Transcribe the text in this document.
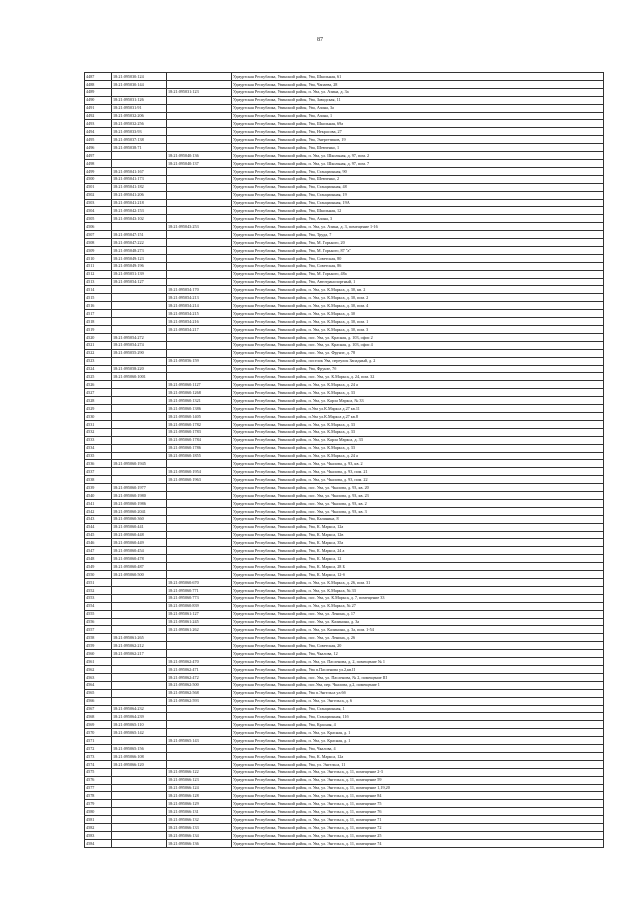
87
4487	18:21:095030:124		Удмуртская Республика, Увинский район, Ува, Школьная, 61
4488	18:21:095030:144		Удмуртская Республика, Увинский район, Ува, Чапаева, 28
4489		18:21:095031:123	Удмуртская Республика, Увинский район, п. Ува, ул. Азина, д. 3а
4490	18:21:095031:126		Удмуртская Республика, Увинский район, Ува, Заводская, 11
4491	18:21:095031:91		Удмуртская Республика, Увинский район, Ува, Азина, 3а
4492	18:21:095032:206		Удмуртская Республика, Увинский район, Ува, Азина, 1
4493	18:21:095032:256		Удмуртская Республика, Увинский район, Ува, Школьная, 69а
4494	18:21:095033:93		Удмуртская Республика, Увинский район, Ува, Некрасова, 27
4495	18:21:095037:138		Удмуртская Республика, Увинский район, Ува, Энергетиков, 19
4496	18:21:095038:71		Удмуртская Республика, Увинский район, Ува, Шевченко, 1
4497		18:21:095040:136	Удмуртская Республика, Увинский район, п. Ува, ул. Школьная, д. 97, пом. 2
4498		18:21:095040:137	Удмуртская Республика, Увинский район, п. Ува, ул. Школьная, д. 97, пом. 7
4499	18:21:095041:167		Удмуртская Республика, Увинский район, Ува, Станционная, 90
4500	18:21:095041:173		Удмуртская Республика, Увинский район, Ува, Шевченко, 2
4501	18:21:095041:182		Удмуртская Республика, Увинский район, Ува, Станционная, 48
4502	18:21:095041:206		Удмуртская Республика, Увинский район, Ува, Станционная, 19
4503	18:21:095041:218		Удмуртская Республика, Увинский район, Ува, Станционная, 19А
4504	18:21:095042:153		Удмуртская Республика, Увинский район, Ува, Школьная, 12
4505	18:21:095043:102		Удмуртская Республика, Увинский район, Ува, Азина, 3
4506		18:21:095043:253	Удмуртская Республика, Увинский район, п. Ува, ул. Азина, д. 3, помещение 1-16
4507	18:21:095047:151		Удмуртская Республика, Увинский район, Ува, Труда, 7
4508	18:21:095047:222		Удмуртская Республика, Увинский район, Ува, М. Горького, 20
4509	18:21:095048:273		Удмуртская Республика, Увинский район, Ува, М. Горького, 87 "а"
4510	18:21:095049:123		Удмуртская Республика, Увинский район, Ува, Советская, 80
4511	18:21:095049:196		Удмуртская Республика, Увинский район, Ува, Советская, 86
4512	18:21:095051:139		Удмуртская Республика, Увинский район, Ува, М. Горького, 48а
4513	18:21:095054:127		Удмуртская Республика, Увинский район, Ува, Автотранспортный, 1
4514		18:21:095054:170	Удмуртская Республика, Увинский район, п. Ува, ул. К.Маркса, д. 30, кв. 2
4515		18:21:095054:213	Удмуртская Республика, Увинский район, п. Ува, ул. К.Маркса, д. 30, пом. 2
4516		18:21:095054:214	Удмуртская Республика, Увинский район, п. Ува, ул. К.Маркса, д. 30, пом. 4
4517		18:21:095054:215	Удмуртская Республика, Увинский район, п. Ува, ул. К.Маркса, д. 30
4518		18:21:095054:216	Удмуртская Республика, Увинский район, п. Ува, ул. К.Маркса, д. 30, пом. 1
4519		18:21:095054:217	Удмуртская Республика, Увинский район, п. Ува, ул. К.Маркса, д. 30, пом. 3
4520	18:21:095054:272		Удмуртская Республика, Увинский район, пос. Ува, ул. Красная, д. 103, офис 2
4521	18:21:095054:274		Удмуртская Республика, Увинский район, пос. Ува, ул. Красная, д. 103, офис 4
4522	18:21:095055:290		Удмуртская Республика, Увинский район, пос. Ува, ул. Фрунзе, д. 78
4523		18:21:095056:159	Удмуртская Республика, Увинский район, поселок Ува, переулок Западный, д. 2
4524	18:21:095058:220		Удмуртская Республика, Увинский район, Ува, Фрунзе, 7б
4525	18:21:095060:1001		Удмуртская Республика, Увинский район, пос. Ува, ул. К.Маркса, д. 24, пом. 32
4526		18:21:095060:1127	Удмуртская Республика, Увинский район, п. Ува, ул. К.Маркса, д. 24 а
4527		18:21:095060:1268	Удмуртская Республика, Увинский район, п. Ува, ул. К.Маркса, д. 33
4528		18:21:095060:1321	Удмуртская Республика, Увинский район, п. Ува, ул. Карла Маркса, № 33
4529		18:21:095060:1386	Удмуртская Республика, Увинский район, п.Ува ул.К.Маркса д.27 кв.11
4530		18:21:095060:1405	Удмуртская Республика, Увинский район, п.Ува ул.К.Маркса д.27 кв.8
4531		18:21:095060:1782	Удмуртская Республика, Увинский район, п. Ува, ул. К.Маркса, д. 33
4532		18:21:095060:1783	Удмуртская Республика, Увинский район, п. Ува, ул. К.Маркса, д. 33
4533		18:21:095060:1784	Удмуртская Республика, Увинский район, п. Ува, ул. Карла Маркса, д. 33
4534		18:21:095060:1786	Удмуртская Республика, Увинский район, п. Ува, ул. К.Маркса, д. 33
4535		18:21:095060:1855	Удмуртская Республика, Увинский район, п. Ува, ул. К.Маркса, д. 24 а
4536	18:21:095060:1945		Удмуртская Республика, Увинский район, п. Ува, ул. Чкалова, д. 93, кв. 2
4537		18:21:095060:1954	Удмуртская Республика, Увинский район, п. Ува, ул. Чкалова, д. 93, пом. 21
4538		18:21:095060:1963	Удмуртская Республика, Увинский район, п. Ува, ул. Чкалова, д. 93, пом. 22
4539	18:21:095060:1977		Удмуртская Республика, Увинский район, пос. Ува, ул. Чкалова, д. 93, кв. 20
4540	18:21:095060:1980		Удмуртская Республика, Увинский район, пос. Ува, ул. Чкалова, д. 93, кв. 23
4541	18:21:095060:1986		Удмуртская Республика, Увинский район, пос. Ува, ул. Чкалова, д. 93, кв. 2
4542	18:21:095060:2041		Удмуртская Республика, Увинский район, пос. Ува, ул. Чкалова, д. 93, кв. 3
4543	18:21:095060:360		Удмуртская Республика, Увинский район, Ува, Калинина, 8
4544	18:21:095060:441		Удмуртская Республика, Увинский район, Ува, К. Маркса, 12а
4545	18:21:095060:448		Удмуртская Республика, Увинский район, Ува, К. Маркса, 12в
4546	18:21:095060:449		Удмуртская Республика, Увинский район, Ува, К. Маркса, 35а
4547	18:21:095060:454		Удмуртская Республика, Увинский район, Ува, К. Маркса, 24 а
4548	18:21:095060:478		Удмуртская Республика, Увинский район, Ува, К. Маркса, 12
4549	18:21:095060:487		Удмуртская Республика, Увинский район, Ува, К. Маркса, 28 Б
4550	18:21:095060:500		Удмуртская Республика, Увинский район, Ува, К. Маркса, 12-б
4551		18:21:095060:670	Удмуртская Республика, Увинский район, п. Ува, ул. К.Маркса, д. 26, пом. 31
4552		18:21:095060:771	Удмуртская Республика, Увинский район, п. Ува, ул. К.Маркса, № 33
4553		18:21:095060:773	Удмуртская Республика, Увинский район, пос. Ува, ул. К.Маркса, д. 7, помещение 33
4554		18:21:095060:839	Удмуртская Республика, Увинский район, п. Ува, ул. К.Маркса, № 27
4555		18:21:095061:127	Удмуртская Республика, Увинский район, пос. Ува, ул. Ленина, д. 17
4556		18:21:095061:245	Удмуртская Республика, Увинский район, пос. Ува, ул. Калинина, д. 3а
4557		18:21:095061:262	Удмуртская Республика, Увинский район, п. Ува, ул. Калинина, д. 3а, пом. 1-54
4558	18:21:095061:265		Удмуртская Республика, Увинский район, пос. Ува, ул. Ленина, д. 26
4559	18:21:095062:212		Удмуртская Республика, Увинский район, Ува, Советская, 20
4560	18:21:095062:217		Удмуртская Республика, Увинский район, Ува, Чкалова, 12
4561		18:21:095062:470	Удмуртская Республика, Увинский район, п. Ува, ул. Пасленова, д. 2, помещение № 1
4562		18:21:095062:471	Удмуртская Республика, Увинский район, Ува п.Пасленова ул.2,кв.II
4563		18:21:095062:472	Удмуртская Республика, Увинский район, пос. Ува, ул. Пасленова, № 2, помещение III
4564		18:21:095062:500	Удмуртская Республика, Увинский район, пос.Ува, пер. Чкалова, д.2, помещение 1
4565		18:21:095062:568	Удмуртская Республика, Увинский район, Ува п.Энгельса ул.6б
4566		18:21:095062:593	Удмуртская Республика, Увинский район, п. Ува, ул. Энгельса, д. 6
4567	18:21:095064:232		Удмуртская Республика, Увинский район, Ува, Станционная, 1
4568	18:21:095064:239		Удмуртская Республика, Увинский район, Ува, Станционная, 11б
4569	18:21:095065:110		Удмуртская Республика, Увинский район, Ува, Красная, 4
4570	18:21:095065:142		Удмуртская Республика, Увинский район, п. Ува, ул. Красная, д. 1
4571		18:21:095065:143	Удмуртская Республика, Увинский район, п. Ува, ул. Красная, д. 1
4572	18:21:095065:156		Удмуртская Республика, Увинский район, Ува, Чкалова, 4
4573	18:21:095066:108		Удмуртская Республика, Увинский район, Ува, К. Маркса, 12а
4574	18:21:095066:120		Удмуртская Республика, Увинский район, Ува, ул. Энгельса, 11
4575		18:21:095066:122	Удмуртская Республика, Увинский район, п. Ува, ул. Энгельса, д. 11, помещение 2-3
4576		18:21:095066:123	Удмуртская Республика, Увинский район, п. Ува, ул. Энгельса, д. 11, помещение 59
4577		18:21:095066:124	Удмуртская Республика, Увинский район, п. Ува, ул. Энгельса, д. 11, помещение 1,19,20
4578		18:21:095066:128	Удмуртская Республика, Увинский район, п. Ува, ул. Энгельса, д. 11, помещение 84
4579		18:21:095066:129	Удмуртская Республика, Увинский район, п. Ува, ул. Энгельса, д. 11, помещение 75
4580		18:21:095066:131	Удмуртская Республика, Увинский район, п. Ува, ул. Энгельса, д. 11, помещение 76
4581		18:21:095066:132	Удмуртская Республика, Увинский район, п. Ува, ул. Энгельса, д. 11, помещение 71
4582		18:21:095066:133	Удмуртская Республика, Увинский район, п. Ува, ул. Энгельса, д. 11, помещение 72
4583		18:21:095066:134	Удмуртская Республика, Увинский район, п. Ува, ул. Энгельса, д. 11, помещение 25
4584		18:21:095066:136	Удмуртская Республика, Увинский район, п. Ува, ул. Энгельса, д. 11, помещение 74
